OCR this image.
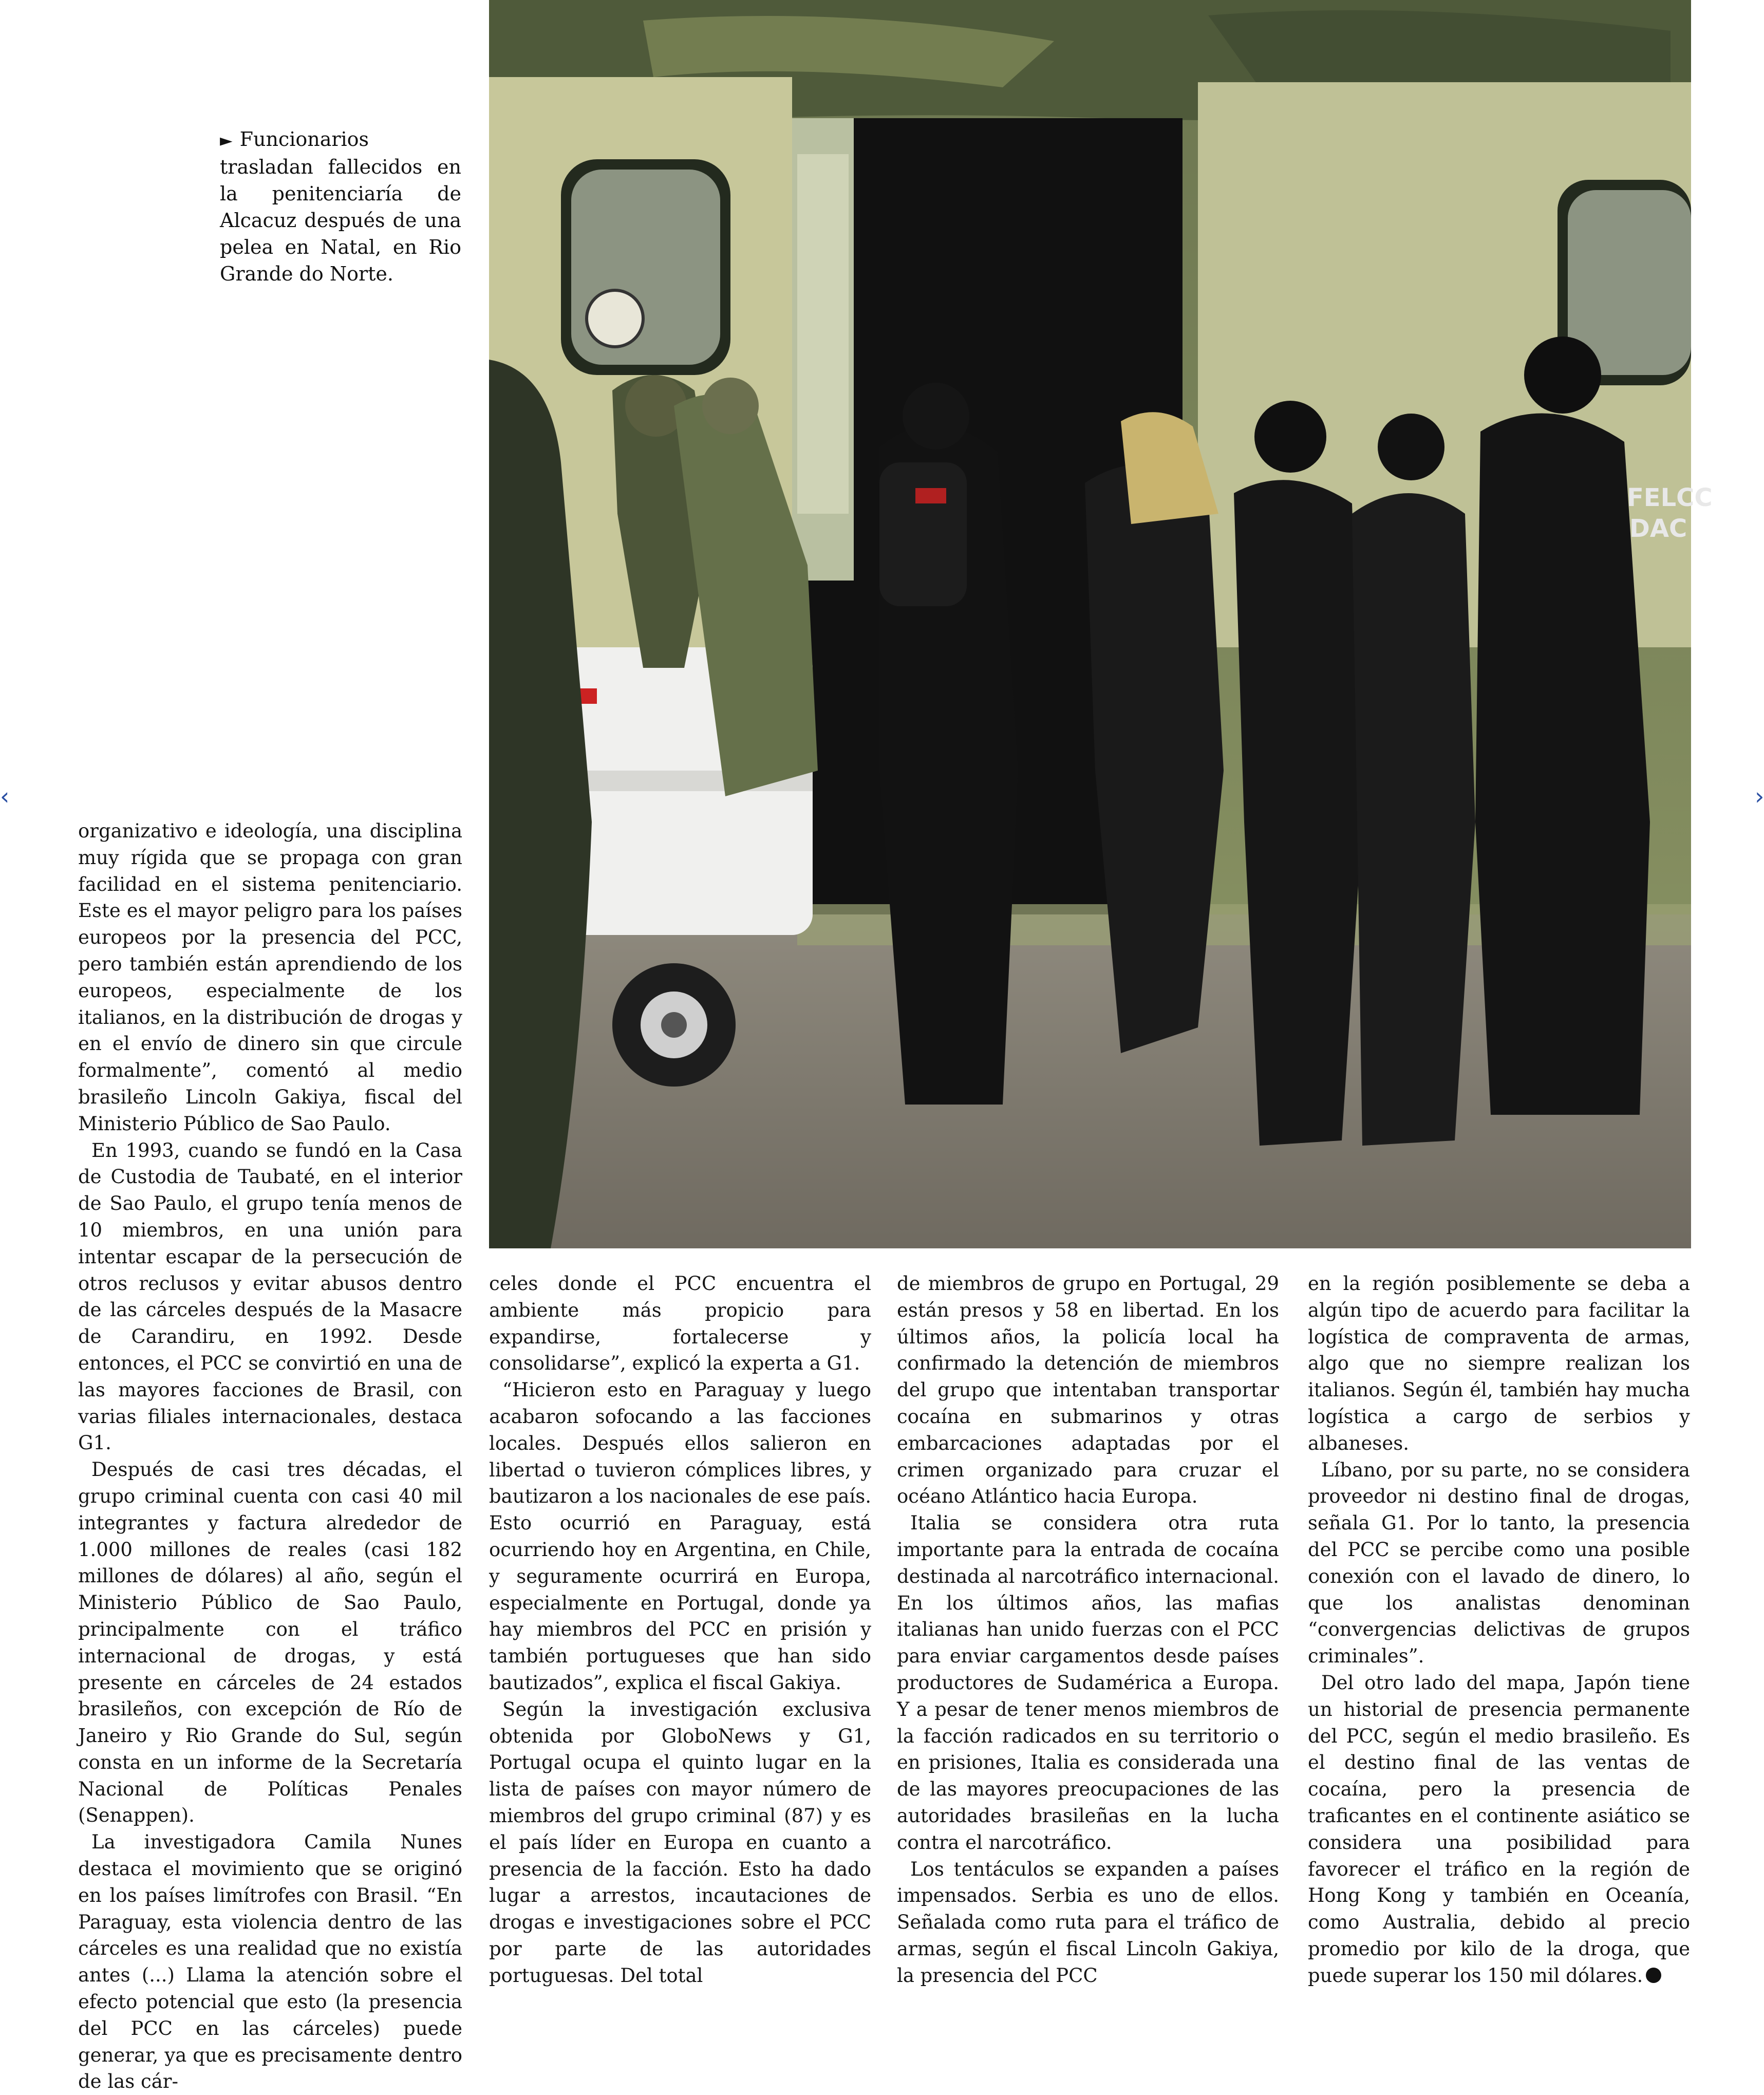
‹	›
► Funcionarios trasladan fallecidos en la penitenciaría de Alcacuz después de una pelea en Natal, en Rio Grande do Norte.
FELCC
DAC

organizativo e ideología, una disciplina muy rígida que se propaga con gran facilidad en el sistema penitenciario. Este es el mayor peligro para los países europeos por la presencia del PCC, pero también están aprendiendo de los europeos, especialmente de los italianos, en la distribución de drogas y en el envío de dinero sin que circule formalmente”, comentó al medio brasileño Lincoln Gakiya, fiscal del Ministerio Público de Sao Paulo.

En 1993, cuando se fundó en la Casa de Custodia de Taubaté, en el interior de Sao Paulo, el grupo tenía menos de 10 miembros, en una unión para intentar escapar de la persecución de otros reclusos y evitar abusos dentro de las cárceles después de la Masacre de Carandiru, en 1992. Desde entonces, el PCC se convirtió en una de las mayores facciones de Brasil, con varias filiales internacionales, destaca G1.

Después de casi tres décadas, el grupo criminal cuenta con casi 40 mil integrantes y factura alrededor de 1.000 millones de reales (casi 182 millones de dólares) al año, según el Ministerio Público de Sao Paulo, principalmente con el tráfico internacional de drogas, y está presente en cárceles de 24 estados brasileños, con excepción de Río de Janeiro y Rio Grande do Sul, según consta en un informe de la Secretaría Nacional de Políticas Penales (Senappen).

La investigadora Camila Nunes destaca el movimiento que se originó en los países limítrofes con Brasil. “En Paraguay, esta violencia dentro de las cárceles es una realidad que no existía antes (...) Llama la atención sobre el efecto potencial que esto (la presencia del PCC en las cárceles) puede generar, ya que es precisamente dentro de las cár-

celes donde el PCC encuentra el ambiente más propicio para expandirse, fortalecerse y consolidarse”, explicó la experta a G1.

“Hicieron esto en Paraguay y luego acabaron sofocando a las facciones locales. Después ellos salieron en libertad o tuvieron cómplices libres, y bautizaron a los nacionales de ese país. Esto ocurrió en Paraguay, está ocurriendo hoy en Argentina, en Chile, y seguramente ocurrirá en Europa, especialmente en Portugal, donde ya hay miembros del PCC en prisión y también portugueses que han sido bautizados”, explica el fiscal Gakiya.

Según la investigación exclusiva obtenida por GloboNews y G1, Portugal ocupa el quinto lugar en la lista de países con mayor número de miembros del grupo criminal (87) y es el país líder en Europa en cuanto a presencia de la facción. Esto ha dado lugar a arrestos, incautaciones de drogas e investigaciones sobre el PCC por parte de las autoridades portuguesas. Del total

de miembros de grupo en Portugal, 29 están presos y 58 en libertad. En los últimos años, la policía local ha confirmado la detención de miembros del grupo que intentaban transportar cocaína en submarinos y otras embarcaciones adaptadas por el crimen organizado para cruzar el océano Atlántico hacia Europa.

Italia se considera otra ruta importante para la entrada de cocaína destinada al narcotráfico internacional. En los últimos años, las mafias italianas han unido fuerzas con el PCC para enviar cargamentos desde países productores de Sudamérica a Europa. Y a pesar de tener menos miembros de la facción radicados en su territorio o en prisiones, Italia es considerada una de las mayores preocupaciones de las autoridades brasileñas en la lucha contra el narcotráfico.

Los tentáculos se expanden a países impensados. Serbia es uno de ellos. Señalada como ruta para el tráfico de armas, según el fiscal Lincoln Gakiya, la presencia del PCC

en la región posiblemente se deba a algún tipo de acuerdo para facilitar la logística de compraventa de armas, algo que no siempre realizan los italianos. Según él, también hay mucha logística a cargo de serbios y albaneses.

Líbano, por su parte, no se considera proveedor ni destino final de drogas, señala G1. Por lo tanto, la presencia del PCC se percibe como una posible conexión con el lavado de dinero, lo que los analistas denominan “convergencias delictivas de grupos criminales”.

Del otro lado del mapa, Japón tiene un historial de presencia permanente del PCC, según el medio brasileño. Es el destino final de las ventas de cocaína, pero la presencia de traficantes en el continente asiático se considera una posibilidad para favorecer el tráfico en la región de Hong Kong y también en Oceanía, como Australia, debido al precio promedio por kilo de la droga, que puede superar los 150 mil dólares.
